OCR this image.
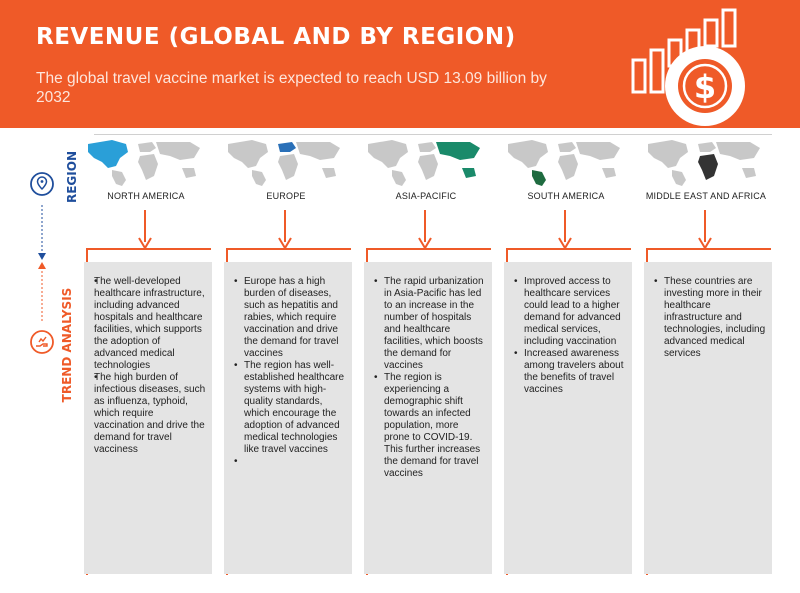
REVENUE (GLOBAL AND BY REGION)
The global travel vaccine market is expected to reach USD 13.09 billion by 2032	$
REGION
TREND ANALYSIS
NORTH AMERICA
• The well-developed healthcare infrastructure, including advanced hospitals and healthcare facilities, which supports the adoption of advanced medical technologies
• The high burden of infectious diseases, such as influenza, typhoid, which require vaccination and drive the demand for travel vacciness
EUROPE
• Europe has a high burden of diseases, such as hepatitis and rabies, which require vaccination and drive the demand for travel vaccines
• The region has well-established healthcare systems with high-quality standards, which encourage the adoption of advanced medical technologies like travel vaccines
•
ASIA-PACIFIC
• The rapid urbanization in Asia-Pacific has led to an increase in the number of hospitals and healthcare facilities, which boosts the demand for vaccines
• The region is experiencing a demographic shift towards an infected population, more prone to COVID-19. This further increases the demand for travel vaccines
SOUTH AMERICA
• Improved access to healthcare services could lead to a higher demand for advanced medical services, including vaccination
• Increased awareness among travelers about the benefits of travel vaccines
MIDDLE EAST AND AFRICA
• These countries are investing more in their healthcare infrastructure and technologies, including advanced medical services
